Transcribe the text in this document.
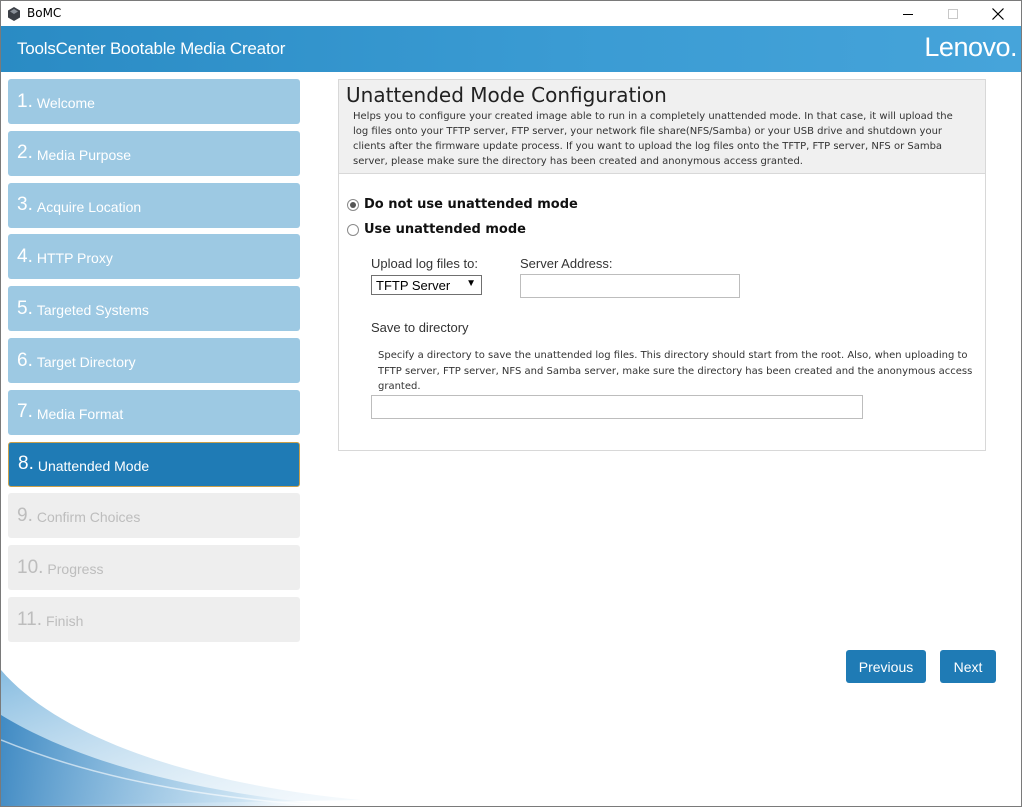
BoMC
ToolsCenter Bootable Media Creator	Lenovo.
1. Welcome
2. Media Purpose
3. Acquire Location
4. HTTP Proxy
5. Targeted Systems
6. Target Directory
7. Media Format
8. Unattended Mode
9. Confirm Choices
10. Progress
11. Finish
Unattended Mode Configuration
Helps you to configure your created image able to run in a completely unattended mode. In that case, it will upload the log files onto your TFTP server, FTP server, your network file share(NFS/Samba) or your USB drive and shutdown your clients after the firmware update process. If you want to upload the log files onto the TFTP, FTP server, NFS or Samba server, please make sure the directory has been created and anonymous access granted.
Do not use unattended mode
Use unattended mode
Upload log files to:
TFTP Server ▼
Server Address:
Save to directory
Specify a directory to save the unattended log files. This directory should start from the root. Also, when uploading to TFTP server, FTP server, NFS and Samba server, make sure the directory has been created and the anonymous access granted.
Previous	Next
